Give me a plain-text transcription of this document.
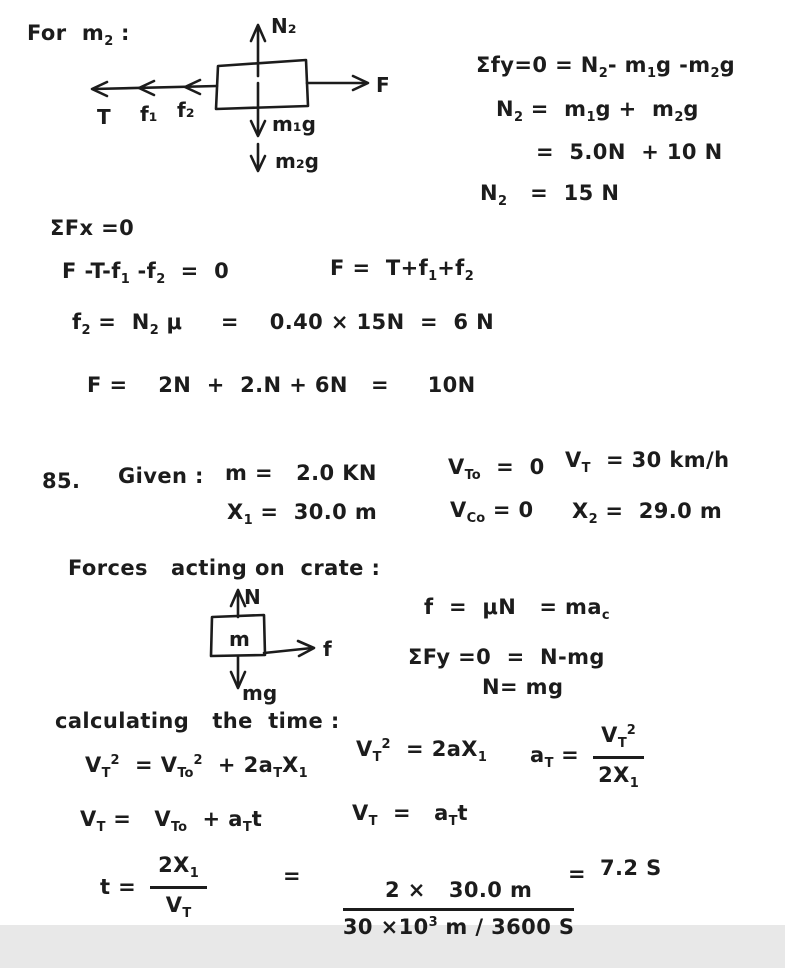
For  $m_2$ :	N₂
F
T f₁ f₂
m₁g
m₂g
$\Sigma fy=0 = N_2-$ $m_1g$ $-m_2g$
$N_2 = m_1g + m_2g$
=  5.0N  + 10 N
$N_2 = 15$ N
ΣFx =0
F $-T-f_1$ $-f_2 = 0$	$F = T+f_1+f_2$
$f_2 = N_2$ μ     =    0.40 × 15N  =  6 N
F =    2N  +  2.N + 6N   =     10N
85. Given : m =   2.0 KN
$X_1 = 30.0$ m
$V_{To} = 0$ $V_T = 30$ km/h
$V_{Co} = 0$ $X_2 = 29.0$ m
Forces   acting on  crate :
N
m	f
mg
$f = \mu N = ma_c$
ΣFy =0  =  N-mg
N= mg
calculating   the  time :
$V_T^2 = V_{To}^2 + 2a_TX_1$
$V_T^2 = 2aX_1$ $a_T = \frac{V_T^2}{2X_1}$
$V_T = V_{To} + a_Tt$	$V_T = a_Tt$
$t = \frac{2X_1}{V_T}$	=

$\frac{2 \times 30.0 m}{30 \times 10^3 m / 3600 S}$

= 7.2 S
